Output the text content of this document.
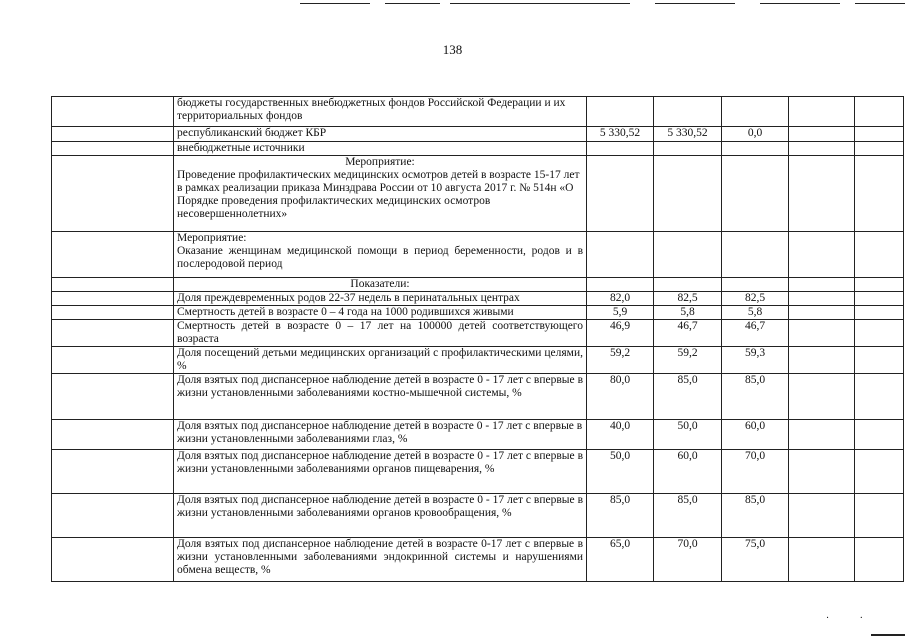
138

	бюджеты государственных внебюджетных фондов Российской Федерации и их территориальных фондов					

	республиканский бюджет КБР	5 330,52	5 330,52	0,0		

	внебюджетные источники					

	Мероприятие:
Проведение профилактических медицинских осмотров детей в возрасте 15-17 лет в рамках реализации приказа Минздрава России от 10 августа 2017 г. № 514н «О Порядке проведения профилактических медицинских осмотров несовершеннолетних»					

	Мероприятие:
Оказание женщинам медицинской помощи в период беременности, родов и в послеродовой период					

	Показатели:					

	Доля преждевременных родов 22-37 недель в перинатальных центрах	82,0	82,5	82,5		

	Смертность детей в возрасте 0 – 4 года на 1000 родившихся живыми	5,9	5,8	5,8		

	Смертность детей в возрасте 0 – 17 лет на 100000 детей соответствующего возраста	46,9	46,7	46,7		

	Доля посещений детьми медицинских организаций с профилактическими целями, %	59,2	59,2	59,3		

	Доля взятых под диспансерное наблюдение детей в возрасте 0 - 17 лет с впервые в жизни установленными заболеваниями костно-мышечной системы, %	80,0	85,0	85,0		

	Доля взятых под диспансерное наблюдение детей в возрасте 0 - 17 лет с впервые в жизни установленными заболеваниями глаз, %	40,0	50,0	60,0		

	Доля взятых под диспансерное наблюдение детей в возрасте 0 - 17 лет с впервые в жизни установленными заболеваниями органов пищеварения, %	50,0	60,0	70,0		

	Доля взятых под диспансерное наблюдение детей в возрасте 0 - 17 лет с впервые в жизни установленными заболеваниями органов кровообращения, %	85,0	85,0	85,0		

	Доля взятых под диспансерное наблюдение детей в возрасте 0-17 лет с впервые в жизни установленными заболеваниями эндокринной системы и нарушениями обмена веществ, %	65,0	70,0	75,0		
· ·
